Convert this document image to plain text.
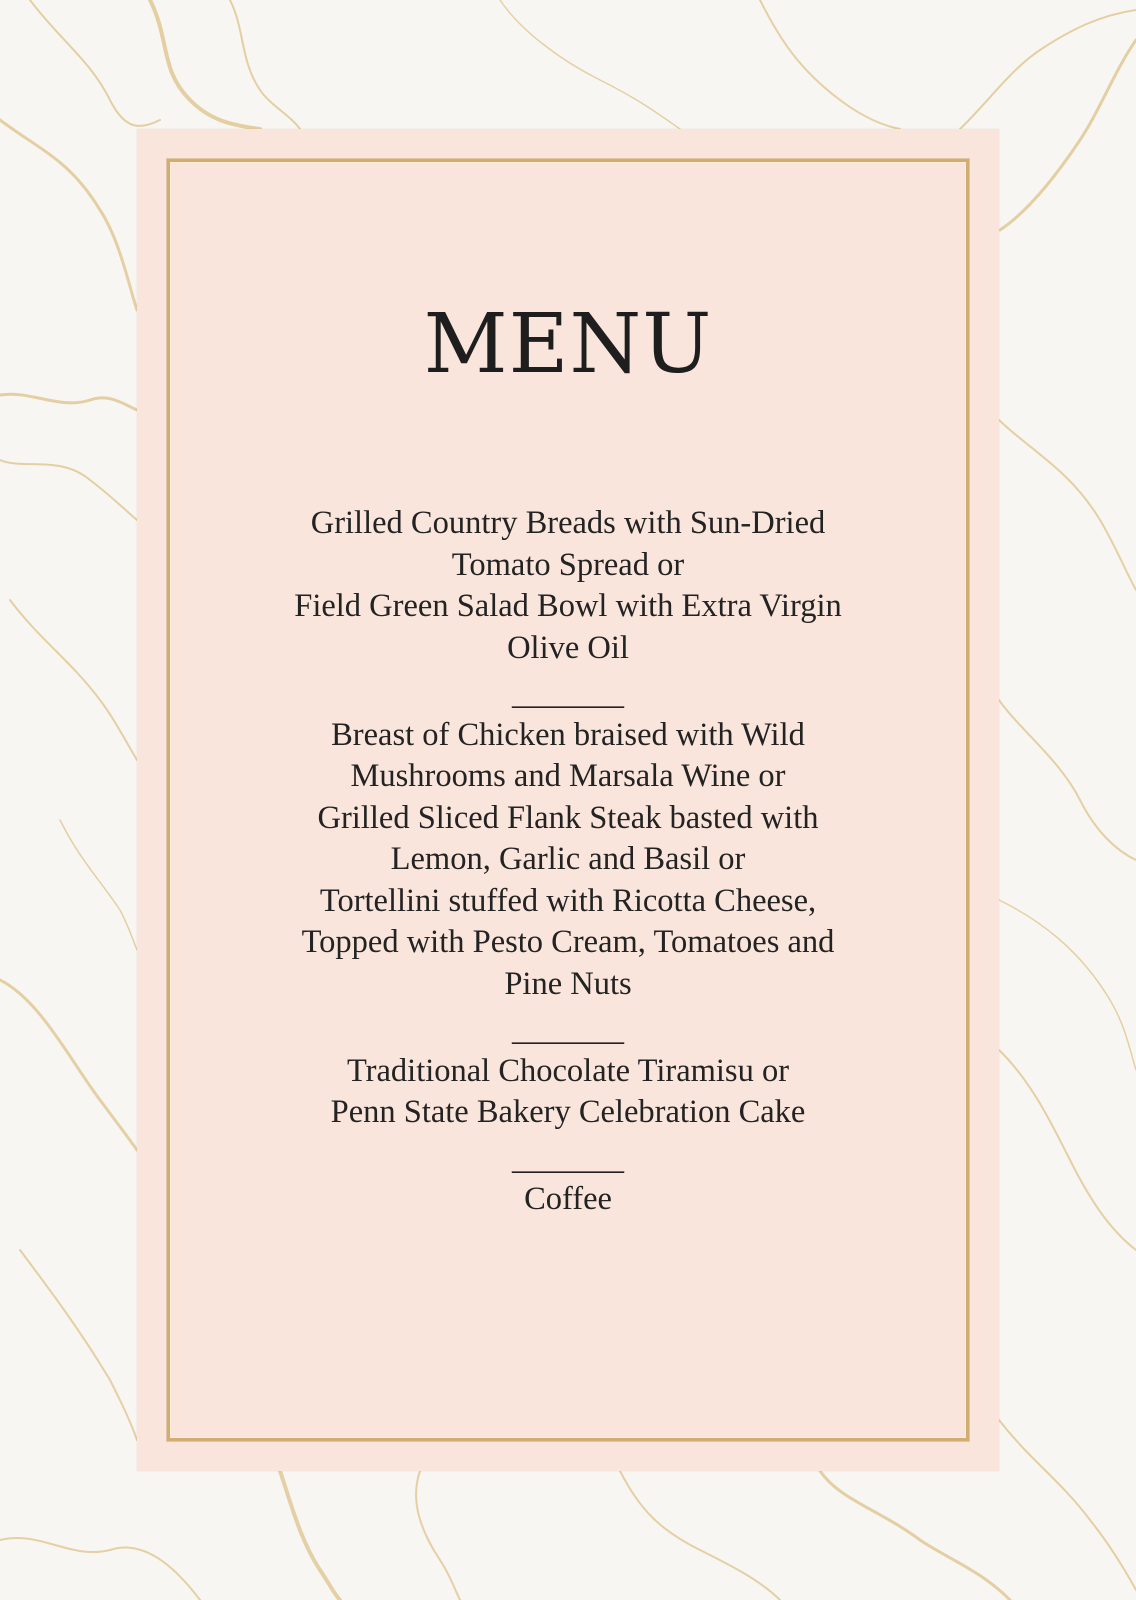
MENU
Grilled Country Breads with Sun-Dried
Tomato Spread or
Field Green Salad Bowl with Extra Virgin
Olive Oil
_______
Breast of Chicken braised with Wild
Mushrooms and Marsala Wine or
Grilled Sliced Flank Steak basted with
Lemon, Garlic and Basil or
Tortellini stuffed with Ricotta Cheese,
Topped with Pesto Cream, Tomatoes and
Pine Nuts
_______
Traditional Chocolate Tiramisu or
Penn State Bakery Celebration Cake
_______
Coffee
